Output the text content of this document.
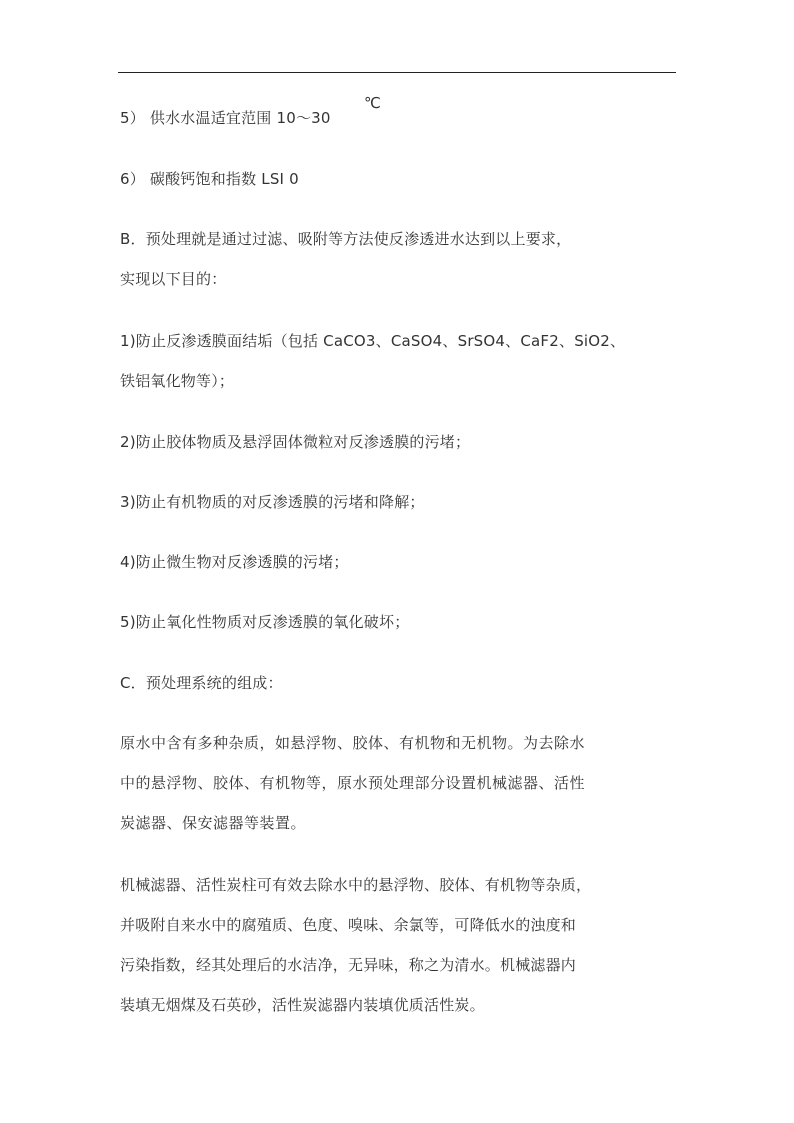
5） 供水水温适宜范围 10～30
℃
6） 碳酸钙饱和指数 LSI 0
B．预处理就是通过过滤、吸附等方法使反渗透进水达到以上要求，
实现以下目的：
1)防止反渗透膜面结垢（包括 CaCO3、CaSO4、SrSO4、CaF2、SiO2、
铁铝氧化物等）；
2)防止胶体物质及悬浮固体微粒对反渗透膜的污堵；
3)防止有机物质的对反渗透膜的污堵和降解；
4)防止微生物对反渗透膜的污堵；
5)防止氧化性物质对反渗透膜的氧化破坏；
C．预处理系统的组成：
原水中含有多种杂质，如悬浮物、胶体、有机物和无机物。为去除水
中的悬浮物、胶体、有机物等，原水预处理部分设置机械滤器、活性
炭滤器、保安滤器等装置。
机械滤器、活性炭柱可有效去除水中的悬浮物、胶体、有机物等杂质，
并吸附自来水中的腐殖质、色度、嗅味、余氯等，可降低水的浊度和
污染指数，经其处理后的水洁净，无异味，称之为清水。机械滤器内
装填无烟煤及石英砂，活性炭滤器内装填优质活性炭。
